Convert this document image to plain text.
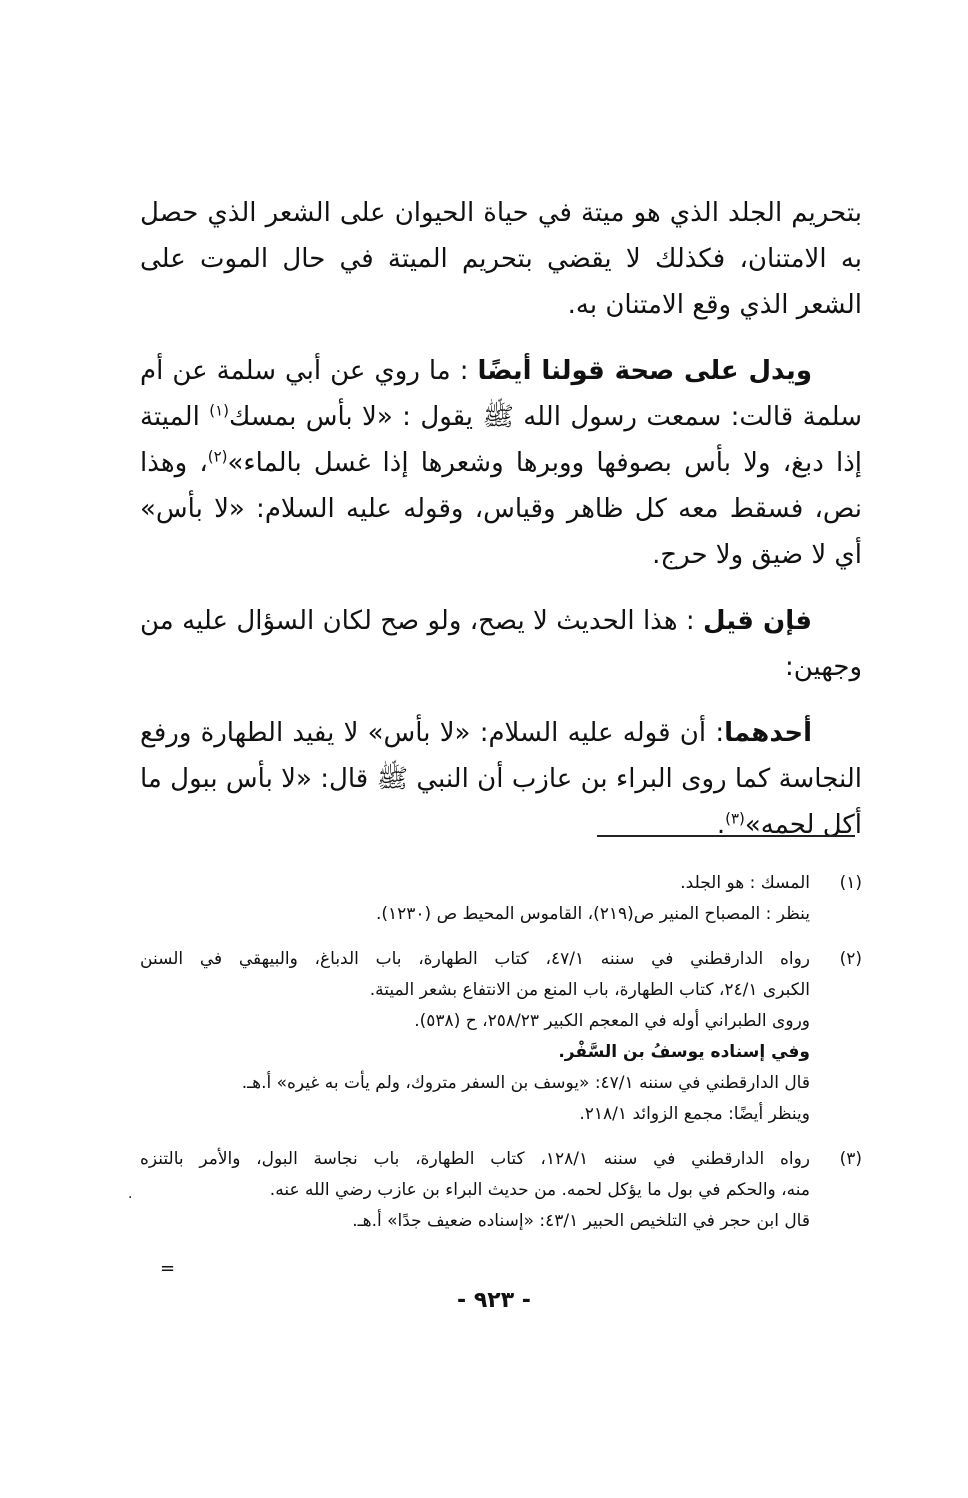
بتحريم الجلد الذي هو ميتة في حياة الحيوان على الشعر الذي حصل به الامتنان، فكذلك لا يقضي بتحريم الميتة في حال الموت على الشعر الذي وقع الامتنان به.

ويدل على صحة قولنا أيضًا : ما روي عن أبي سلمة عن أم سلمة قالت: سمعت رسول الله ﷺ يقول : «لا بأس بمسك$^{(١)}$ الميتة إذا دبغ، ولا بأس بصوفها ووبرها وشعرها إذا غسل بالماء»$^{(٢)}$، وهذا نص، فسقط معه كل ظاهر وقياس، وقوله عليه السلام: «لا بأس» أي لا ضيق ولا حرج.

فإن قيل : هذا الحديث لا يصح، ولو صح لكان السؤال عليه من وجهين:

أحدهما: أن قوله عليه السلام: «لا بأس» لا يفيد الطهارة ورفع النجاسة كما روى البراء بن عازب أن النبي ﷺ قال: «لا بأس ببول ما أكل لحمه»$^{(٣)}$.

(١)
المسك : هو الجلد.
ينظر : المصباح المنير ص(٢١٩)، القاموس المحيط ص (١٢٣٠).
(٢)
رواه الدارقطني في سننه ٤٧/١، كتاب الطهارة، باب الدباغ، والبيهقي في السنن
الكبرى ٢٤/١، كتاب الطهارة، باب المنع من الانتفاع بشعر الميتة.
وروى الطبراني أوله في المعجم الكبير ٢٥٨/٢٣، ح (٥٣٨).
وفي إسناده يوسفُ بن السَّفْر.
قال الدارقطني في سننه ٤٧/١: «يوسف بن السفر متروك، ولم يأت به غيره» أ.هـ.
وينظر أيضًا: مجمع الزوائد ٢١٨/١.
(٣)
رواه الدارقطني في سننه ١٢٨/١، كتاب الطهارة، باب نجاسة البول، والأمر بالتنزه
منه، والحكم في بول ما يؤكل لحمه. من حديث البراء بن عازب رضي الله عنه.
قال ابن حجر في التلخيص الحبير ٤٣/١: «إسناده ضعيف جدًا» أ.هـ.
·
=
- ٩٢٣ -
